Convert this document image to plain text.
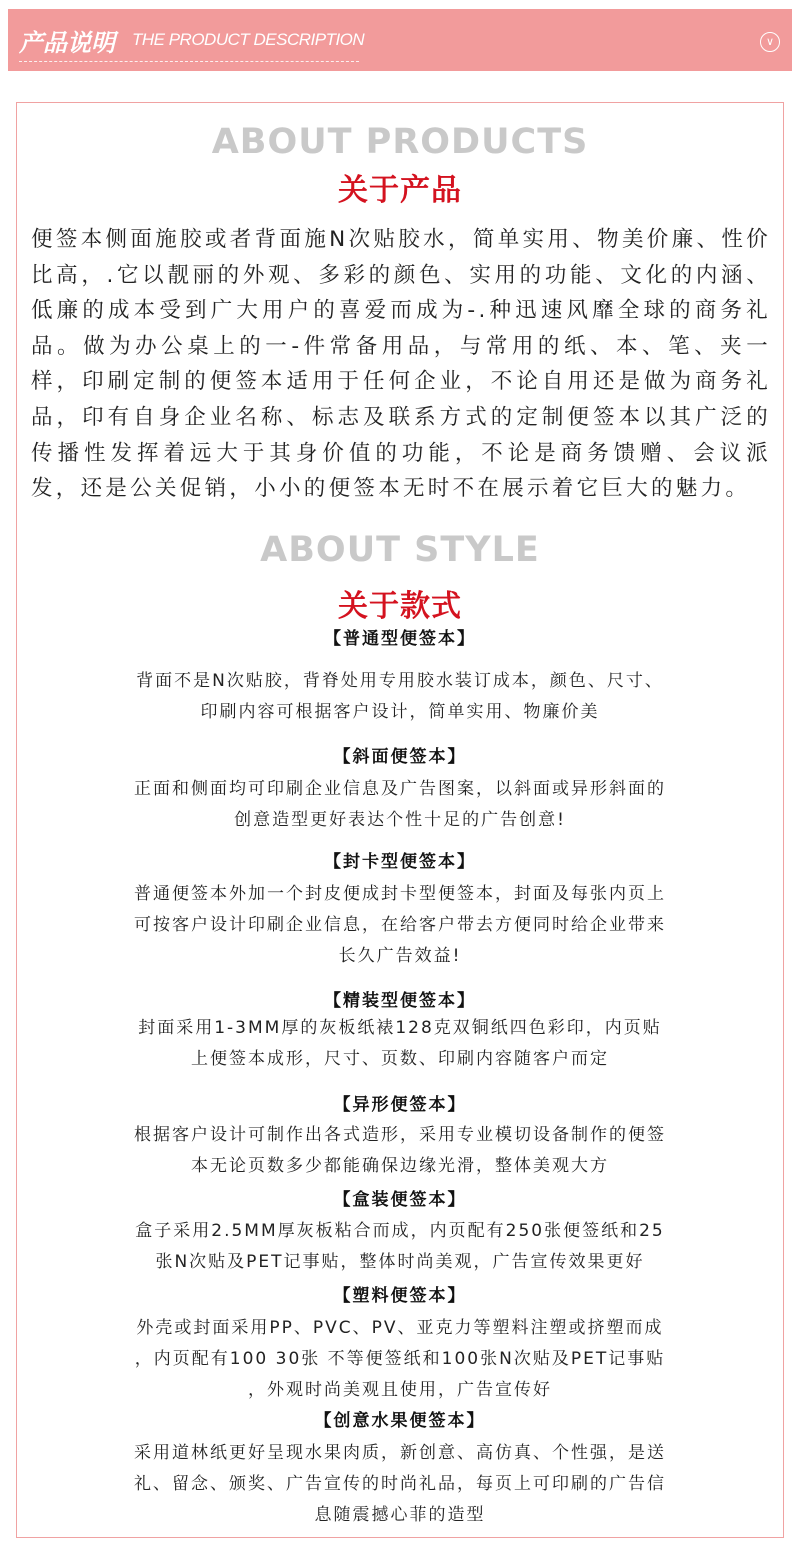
产品说明 THE PRODUCT DESCRIPTION	∨
ABOUT PRODUCTS
关于产品

便签本侧面施胶或者背面施N次贴胶水，简单实用、物美价廉、性价比高，.它以靓丽的外观、多彩的颜色、实用的功能、文化的内涵、低廉的成本受到广大用户的喜爱而成为-.种迅速风靡全球的商务礼品。做为办公桌上的一-件常备用品，与常用的纸、本、笔、夹一样，印刷定制的便签本适用于任何企业，不论自用还是做为商务礼品，印有自身企业名称、标志及联系方式的定制便签本以其广泛的传播性发挥着远大于其身价值的功能，不论是商务馈赠、会议派发，还是公关促销，小小的便签本无时不在展示着它巨大的魅力。

ABOUT STYLE
关于款式
【普通型便签本】
背面不是N次贴胶，背脊处用专用胶水装订成本，颜色、尺寸、
印刷内容可根据客户设计，简单实用、物廉价美
【斜面便签本】
正面和侧面均可印刷企业信息及广告图案，以斜面或异形斜面的
创意造型更好表达个性十足的广告创意!
【封卡型便签本】
普通便签本外加一个封皮便成封卡型便签本，封面及每张内页上
可按客户设计印刷企业信息，在给客户带去方便同时给企业带来
长久广告效益!
【精装型便签本】
封面采用1-3MM厚的灰板纸裱128克双铜纸四色彩印，内页贴
上便签本成形，尺寸、页数、印刷内容随客户而定
【异形便签本】
根据客户设计可制作出各式造形，采用专业模切设备制作的便签
本无论页数多少都能确保边缘光滑，整体美观大方
【盒装便签本】
盒子采用2.5MM厚灰板粘合而成，内页配有250张便签纸和25
张N次贴及PET记事贴，整体时尚美观，广告宣传效果更好
【塑料便签本】
外壳或封面采用PP、PVC、PV、亚克力等塑料注塑或挤塑而成
，内页配有100 30张 不等便签纸和100张N次贴及PET记事贴
，外观时尚美观且使用，广告宣传好
【创意水果便签本】
采用道林纸更好呈现水果肉质，新创意、高仿真、个性强，是送
礼、留念、颁奖、广告宣传的时尚礼品，每页上可印刷的广告信
息随震撼心菲的造型
